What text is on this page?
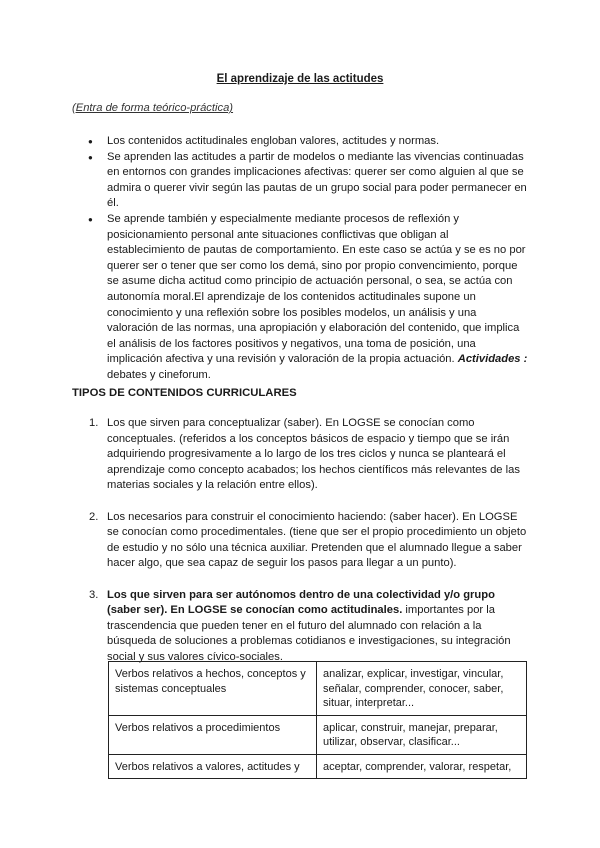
El aprendizaje de las actitudes
(Entra de forma teórico-práctica)
● Los contenidos actitudinales engloban valores, actitudes y normas.
● Se aprenden las actitudes a partir de modelos o mediante las vivencias continuadas en entornos con grandes implicaciones afectivas: querer ser como alguien al que se admira o querer vivir según las pautas de un grupo social para poder permanecer en él.
● Se aprende también y especialmente mediante procesos de reflexión y posicionamiento personal ante situaciones conflictivas que obligan al establecimiento de pautas de comportamiento. En este caso se actúa y se es no por querer ser o tener que ser como los demá, sino por propio convencimiento, porque se asume dicha actitud como principio de actuación personal, o sea, se actúa con autonomía moral.El aprendizaje de los contenidos actitudinales supone un conocimiento y una reflexión sobre los posibles modelos, un análisis y una valoración de las normas, una apropiación y elaboración del contenido, que implica el análisis de los factores positivos y negativos, una toma de posición, una implicación afectiva y una revisión y valoración de la propia actuación. Actividades : debates y cineforum.
TIPOS DE CONTENIDOS CURRICULARES
1. Los que sirven para conceptualizar (saber). En LOGSE se conocían como conceptuales. (referidos a los conceptos básicos de espacio y tiempo que se irán adquiriendo progresivamente a lo largo de los tres ciclos y nunca se planteará el aprendizaje como concepto acabados; los hechos científicos más relevantes de las materias sociales y la relación entre ellos).
2. Los necesarios para construir el conocimiento haciendo: (saber hacer). En LOGSE se conocían como procedimentales. (tiene que ser el propio procedimiento un objeto de estudio y no sólo una técnica auxiliar. Pretenden que el alumnado llegue a saber hacer algo, que sea capaz de seguir los pasos para llegar a un punto).
3. Los que sirven para ser autónomos dentro de una colectividad y/o grupo (saber ser). En LOGSE se conocían como actitudinales. importantes por la trascendencia que pueden tener en el futuro del alumnado con relación a la búsqueda de soluciones a problemas cotidianos e investigaciones, su integración social y sus valores cívico-sociales.
Verbos relativos a hechos, conceptos y sistemas conceptuales	analizar, explicar, investigar, vincular, señalar, comprender, conocer, saber, situar, interpretar...
Verbos relativos a procedimientos	aplicar, construir, manejar, preparar, utilizar, observar, clasificar...
Verbos relativos a valores, actitudes y	aceptar, comprender, valorar, respetar,
